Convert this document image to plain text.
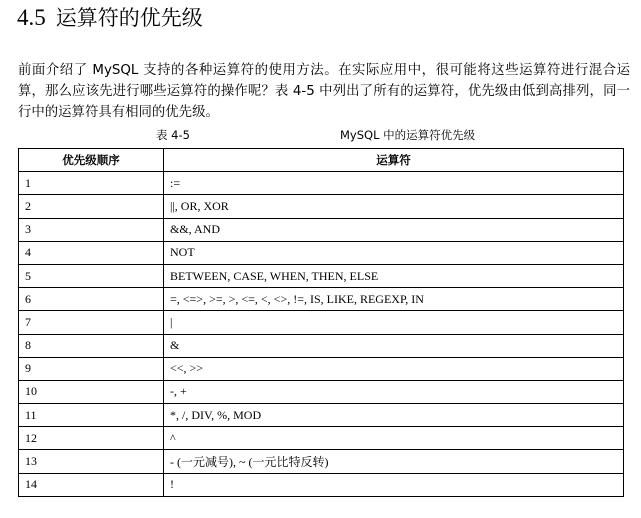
4.5 运算符的优先级
前面介绍了 MySQL 支持的各种运算符的使用方法。在实际应用中，很可能将这些运算符进行混合运算，那么应该先进行哪些运算符的操作呢？表 4-5 中列出了所有的运算符，优先级由低到高排列，同一行中的运算符具有相同的优先级。
表 4-5	MySQL 中的运算符优先级
优先级顺序	运算符
1	:=
2	||, OR, XOR
3	&&, AND
4	NOT
5	BETWEEN, CASE, WHEN, THEN, ELSE
6	=, <=>, >=, >, <=, <, <>, !=, IS, LIKE, REGEXP, IN
7	|
8	&
9	<<, >>
10	-, +
11	*, /, DIV, %, MOD
12	^
13	- (一元减号), ~ (一元比特反转)
14	!
